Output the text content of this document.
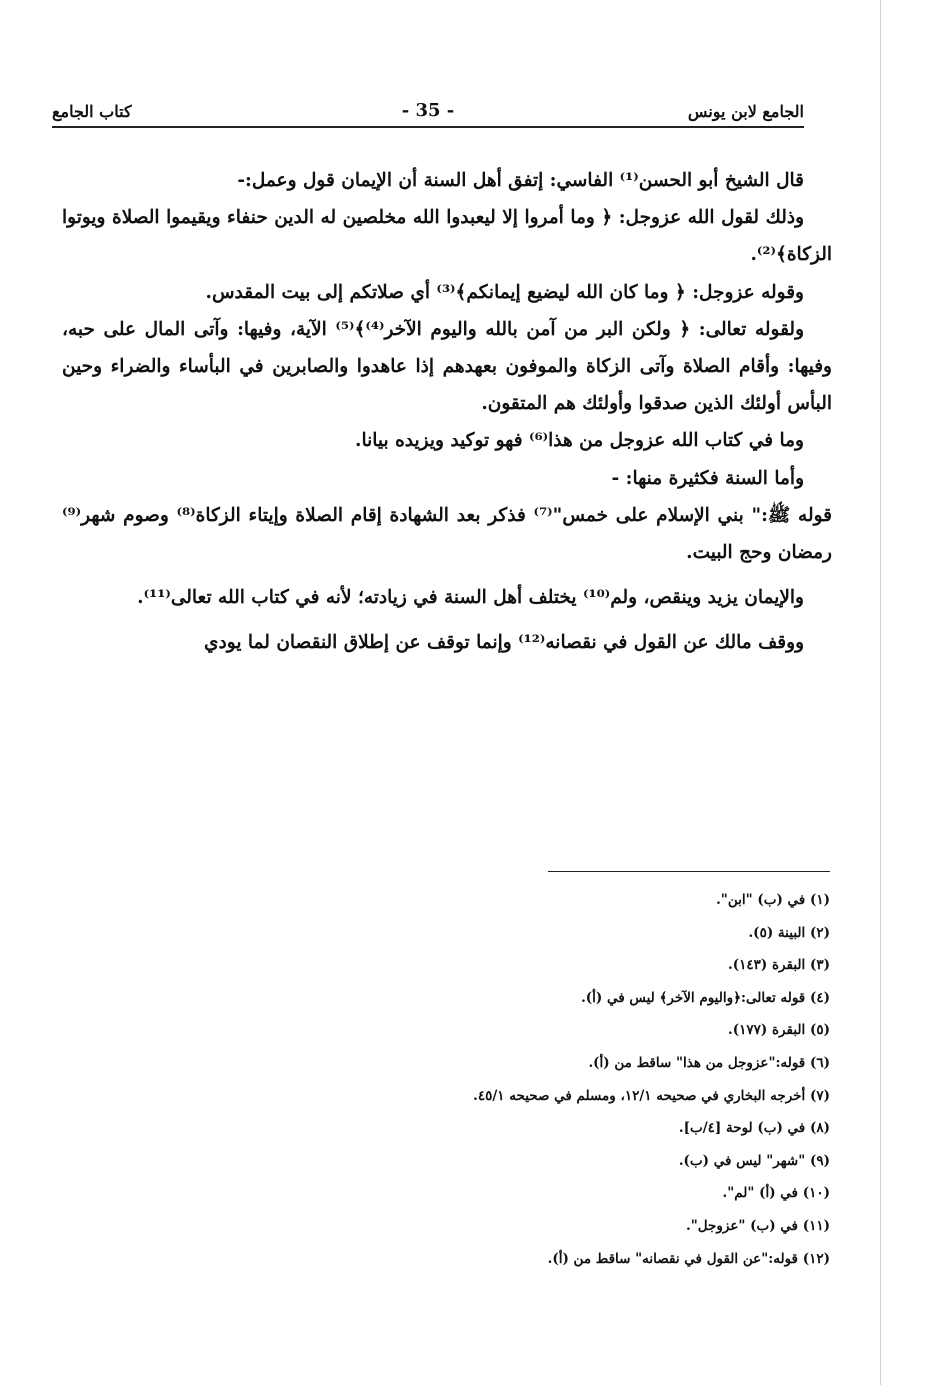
الجامع لابن يونس
- 35 -
كتاب الجامع

قال الشيخ أبو الحسن⁽¹⁾ الفاسي: إتفق أهل السنة أن الإيمان قول وعمل:-

وذلك لقول الله عزوجل: ﴿ وما أمروا إلا ليعبدوا الله مخلصين له الدين حنفاء ويقيموا الصلاة ويوتوا الزكاة﴾⁽²⁾.

وقوله عزوجل: ﴿ وما كان الله ليضيع إيمانكم﴾⁽³⁾ أي صلاتكم إلى بيت المقدس.

ولقوله تعالى: ﴿ ولكن البر من آمن بالله واليوم الآخر⁽⁴⁾﴾⁽⁵⁾ الآية، وفيها: وآتى المال على حبه، وفيها: وأقام الصلاة وآتى الزكاة والموفون بعهدهم إذا عاهدوا والصابرين في البأساء والضراء وحين البأس أولئك الذين صدقوا وأولئك هم المتقون.

وما في كتاب الله عزوجل من هذا⁽⁶⁾ فهو توكيد ويزيده بيانا.

وأما السنة فكثيرة منها: -

قوله ﷺ:" بني الإسلام على خمس"⁽⁷⁾ فذكر بعد الشهادة إقام الصلاة وإيتاء الزكاة⁽⁸⁾ وصوم شهر⁽⁹⁾ رمضان وحج البيت.

والإيمان يزيد وينقص، ولم⁽¹⁰⁾ يختلف أهل السنة في زيادته؛ لأنه في كتاب الله تعالى⁽¹¹⁾.

ووقف مالك عن القول في نقصانه⁽¹²⁾ وإنما توقف عن إطلاق النقصان لما يودي

(١) في (ب) "ابن".
(٢) البينة (٥).
(٣) البقرة (١٤٣).
(٤) قوله تعالى:﴿واليوم الآخر﴾ ليس في (أ).
(٥) البقرة (١٧٧).
(٦) قوله:"عزوجل من هذا" ساقط من (أ).
(٧) أخرجه البخاري في صحيحه ١٢/١، ومسلم في صحيحه ٤٥/١.
(٨) في (ب) لوحة [٤/ب].
(٩) "شهر" ليس في (ب).
(١٠) في (أ) "لم".
(١١) في (ب) "عزوجل".
(١٢) قوله:"عن القول في نقصانه" ساقط من (أ).
